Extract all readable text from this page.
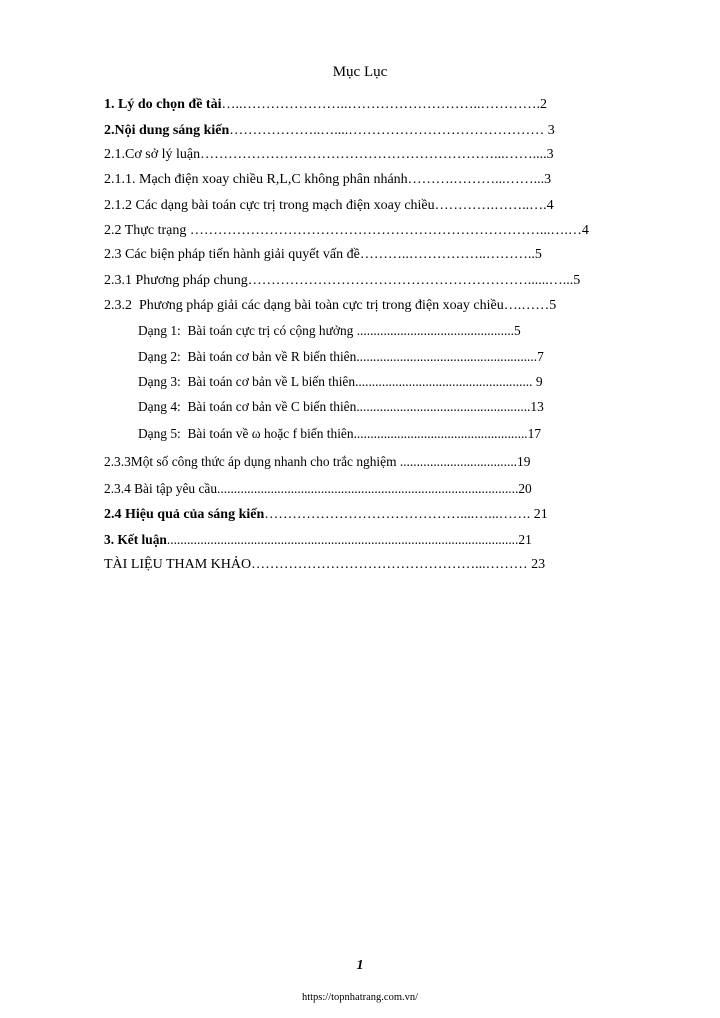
Mục Lục
1. Lý do chọn đề tài…..…………………..………………………..………….2
2.Nội dung sáng kiến………………..…....…………………………………… 3
2.1.Cơ sở lý luận………………………………………………………...……....3
2.1.1. Mạch điện xoay chiều R,L,C không phân nhánh……….………...……...3
2.1.2 Các dạng bài toán cực trị trong mạch điện xoay chiều………….……..….4
2.2 Thực trạng …………………………………………………………………...….…4
2.3 Các biện pháp tiến hành giải quyết vấn đề………..……………..………..5
2.3.1 Phương pháp chung……………………………………………………......…...5
2.3.2  Phương pháp giải các dạng bài toàn cực trị trong điện xoay chiều….……5
Dạng 1:  Bài toán cực trị có cộng hưởng ...............................................5
Dạng 2:  Bài toán cơ bản về R biến thiên......................................................7
Dạng 3:  Bài toán cơ bản về L biến thiên..................................................... 9
Dạng 4:  Bài toán cơ bản về C biến thiên....................................................13
Dạng 5:  Bài toán về ω hoặc f biến thiên....................................................17
2.3.3Một số công thức áp dụng nhanh cho trắc nghiệm ...................................19
2.3.4 Bài tập yêu cầu..........................................................................................20
2.4 Hiệu quả của sáng kiến……………………………………....…...……. 21
3. Kết luận.........................................................................................................21
TÀI LIỆU THAM KHẢO…………………………………………...……… 23
1
https://topnhatrang.com.vn/
